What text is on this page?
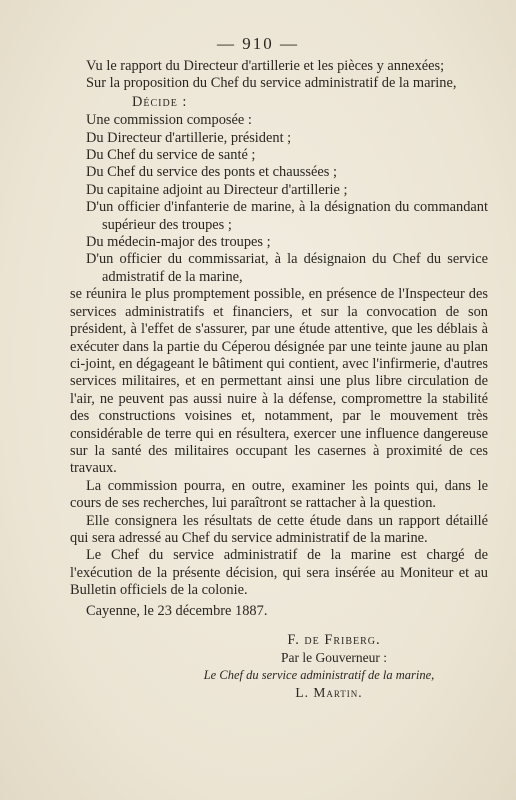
— 910 —

Vu le rapport du Directeur d'artillerie et les pièces y annexées;

Sur la proposition du Chef du service administratif de la marine,

Décide :

Une commission composée :

Du Directeur d'artillerie, président ;

Du Chef du service de santé ;

Du Chef du service des ponts et chaussées ;

Du capitaine adjoint au Directeur d'artillerie ;

D'un officier d'infanterie de marine, à la désignation du commandant supérieur des troupes ;

Du médecin-major des troupes ;

D'un officier du commissariat, à la désignaion du Chef du service admistratif de la marine,

se réunira le plus promptement possible, en présence de l'Inspecteur des services administratifs et financiers, et sur la convocation de son président, à l'effet de s'assurer, par une étude attentive, que les déblais à exécuter dans la partie du Céperou désignée par une teinte jaune au plan ci-joint, en dégageant le bâtiment qui contient, avec l'infirmerie, d'autres services militaires, et en permettant ainsi une plus libre circulation de l'air, ne peuvent pas aussi nuire à la défense, compromettre la stabilité des constructions voisines et, notamment, par le mouvement très considérable de terre qui en résultera, exercer une influence dangereuse sur la santé des militaires occupant les casernes à proximité de ces travaux.

La commission pourra, en outre, examiner les points qui, dans le cours de ses recherches, lui paraîtront se rattacher à la question.

Elle consignera les résultats de cette étude dans un rapport détaillé qui sera adressé au Chef du service administratif de la marine.

Le Chef du service administratif de la marine est chargé de l'exécution de la présente décision, qui sera insérée au Moniteur et au Bulletin officiels de la colonie.

Cayenne, le 23 décembre 1887.

F. de Friberg.

Par le Gouverneur :

Le Chef du service administratif de la marine,

L. Martin.
